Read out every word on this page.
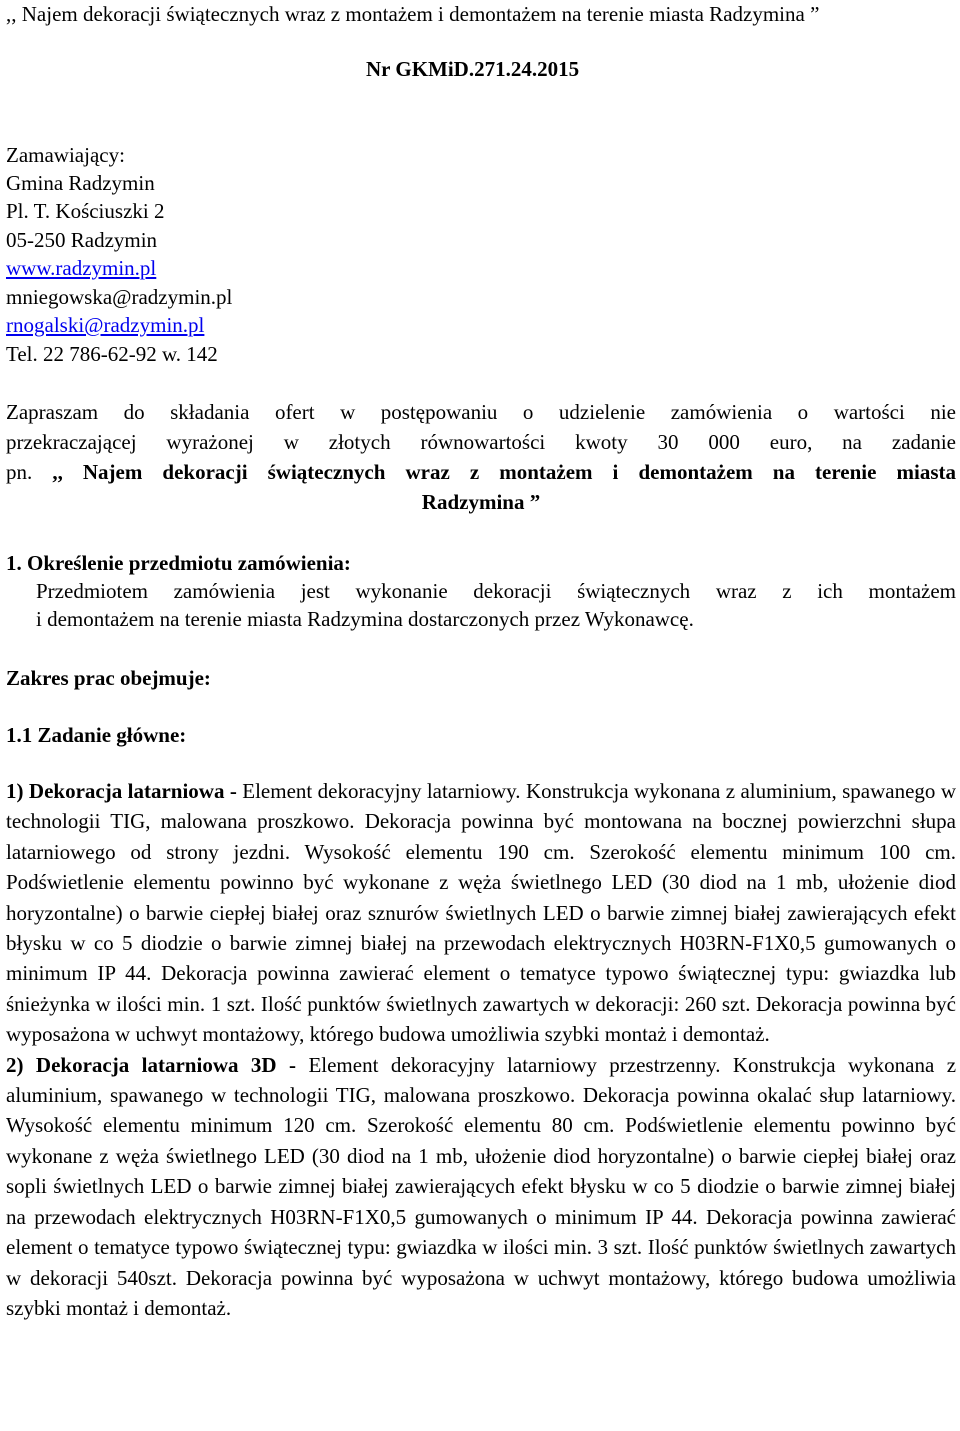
,, Najem dekoracji świątecznych wraz z montażem i demontażem na terenie miasta Radzymina ”
Nr GKMiD.271.24.2015
Zamawiający:
Gmina Radzymin
Pl. T. Kościuszki 2
05-250 Radzymin
www.radzymin.pl
mniegowska@radzymin.pl
rnogalski@radzymin.pl
Tel. 22 786-62-92 w. 142
Zapraszam do składania ofert w postępowaniu o udzielenie zamówienia o wartości nie
przekraczającej wyrażonej w złotych równowartości kwoty 30 000 euro, na zadanie
pn. ,, Najem dekoracji świątecznych wraz z montażem i demontażem na terenie miasta
Radzymina ”
1. Określenie przedmiotu zamówienia:
Przedmiotem zamówienia jest wykonanie dekoracji świątecznych wraz z ich montażem
i demontażem na terenie miasta Radzymina dostarczonych przez Wykonawcę.
Zakres prac obejmuje:
1.1 Zadanie główne:

1) Dekoracja latarniowa - Element dekoracyjny latarniowy. Konstrukcja wykonana z aluminium, spawanego w technologii TIG, malowana proszkowo. Dekoracja powinna być montowana na bocznej powierzchni słupa latarniowego od strony jezdni. Wysokość elementu 190 cm. Szerokość elementu minimum 100 cm. Podświetlenie elementu powinno być wykonane z węża świetlnego LED (30 diod na 1 mb, ułożenie diod horyzontalne) o barwie ciepłej białej oraz sznurów świetlnych LED o barwie zimnej białej zawierających efekt błysku w co 5 diodzie o barwie zimnej białej na przewodach elektrycznych H03RN-F1X0,5 gumowanych o minimum IP 44. Dekoracja powinna zawierać element o tematyce typowo świątecznej typu: gwiazdka lub śnieżynka w ilości min. 1 szt. Ilość punktów świetlnych zawartych w dekoracji: 260 szt. Dekoracja powinna być wyposażona w uchwyt montażowy, którego budowa umożliwia szybki montaż i demontaż.

2) Dekoracja latarniowa 3D - Element dekoracyjny latarniowy przestrzenny. Konstrukcja wykonana z aluminium, spawanego w technologii TIG, malowana proszkowo. Dekoracja powinna okalać słup latarniowy. Wysokość elementu minimum 120 cm. Szerokość elementu 80 cm. Podświetlenie elementu powinno być wykonane z węża świetlnego LED (30 diod na 1 mb, ułożenie diod horyzontalne) o barwie ciepłej białej oraz sopli świetlnych LED o barwie zimnej białej zawierających efekt błysku w co 5 diodzie o barwie zimnej białej na przewodach elektrycznych H03RN-F1X0,5 gumowanych o minimum IP 44. Dekoracja powinna zawierać element o tematyce typowo świątecznej typu: gwiazdka w ilości min. 3 szt. Ilość punktów świetlnych zawartych w dekoracji 540szt. Dekoracja powinna być wyposażona w uchwyt montażowy, którego budowa umożliwia szybki montaż i demontaż.
